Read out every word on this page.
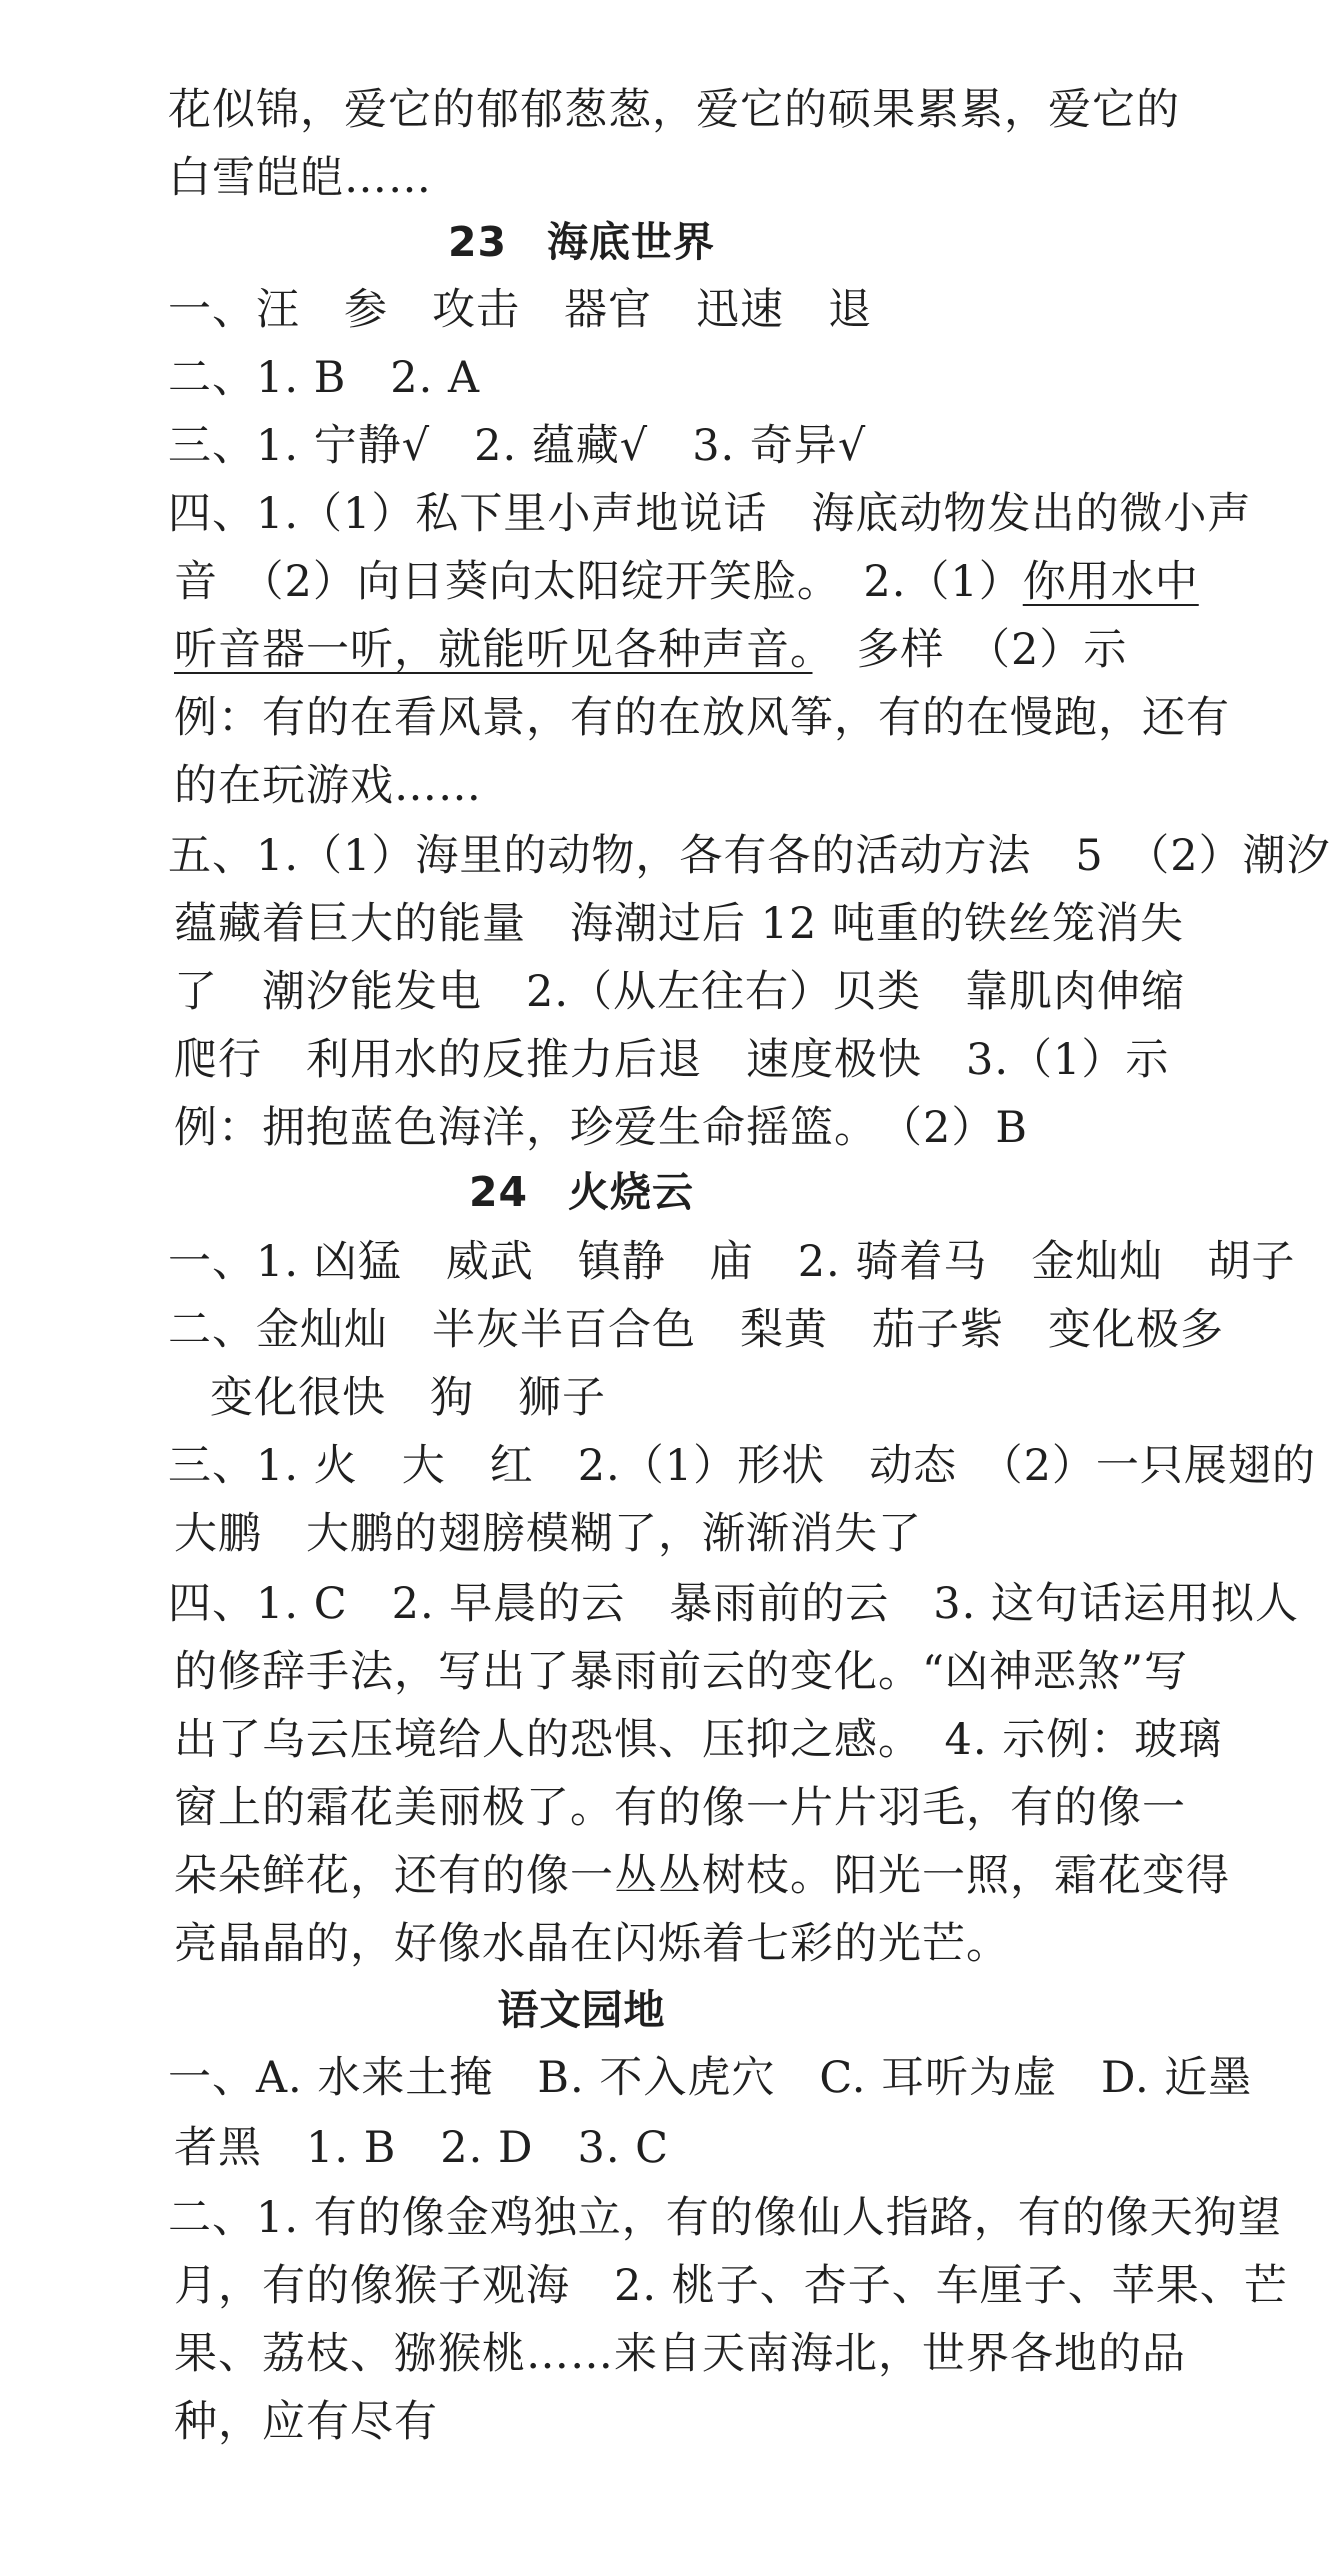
花似锦，爱它的郁郁葱葱，爱它的硕果累累，爱它的
白雪皑皑……
23 海底世界
一、汪　参　攻击　器官　迅速　退
二、1. B　2. A
三、1. 宁静√　2. 蕴藏√　3. 奇异√
四、1.（1）私下里小声地说话　海底动物发出的微小声
音　（2）向日葵向太阳绽开笑脸。　2.（1）你用水中
听音器一听，就能听见各种声音。　多样　（2）示
例：有的在看风景，有的在放风筝，有的在慢跑，还有
的在玩游戏……
五、1.（1）海里的动物，各有各的活动方法　5　（2）潮汐
蕴藏着巨大的能量　海潮过后 12 吨重的铁丝笼消失
了　潮汐能发电　2.（从左往右）贝类　靠肌肉伸缩
爬行　利用水的反推力后退　速度极快　3.（1）示
例：拥抱蓝色海洋，珍爱生命摇篮。　（2）B
24 火烧云
一、1. 凶猛　威武　镇静　庙　2. 骑着马　金灿灿　胡子
二、金灿灿　半灰半百合色　梨黄　茄子紫　变化极多
变化很快　狗　狮子
三、1. 火　大　红　2.（1）形状　动态　（2）一只展翅的
大鹏　大鹏的翅膀模糊了，渐渐消失了
四、1. C　2. 早晨的云　暴雨前的云　3. 这句话运用拟人
的修辞手法，写出了暴雨前云的变化。“凶神恶煞”写
出了乌云压境给人的恐惧、压抑之感。　4. 示例：玻璃
窗上的霜花美丽极了。有的像一片片羽毛，有的像一
朵朵鲜花，还有的像一丛丛树枝。阳光一照，霜花变得
亮晶晶的，好像水晶在闪烁着七彩的光芒。
语文园地
一、A. 水来土掩　B. 不入虎穴　C. 耳听为虚　D. 近墨
者黑　1. B　2. D　3. C
二、1. 有的像金鸡独立，有的像仙人指路，有的像天狗望
月，有的像猴子观海　2. 桃子、杏子、车厘子、苹果、芒
果、荔枝、猕猴桃……来自天南海北，世界各地的品
种，应有尽有
